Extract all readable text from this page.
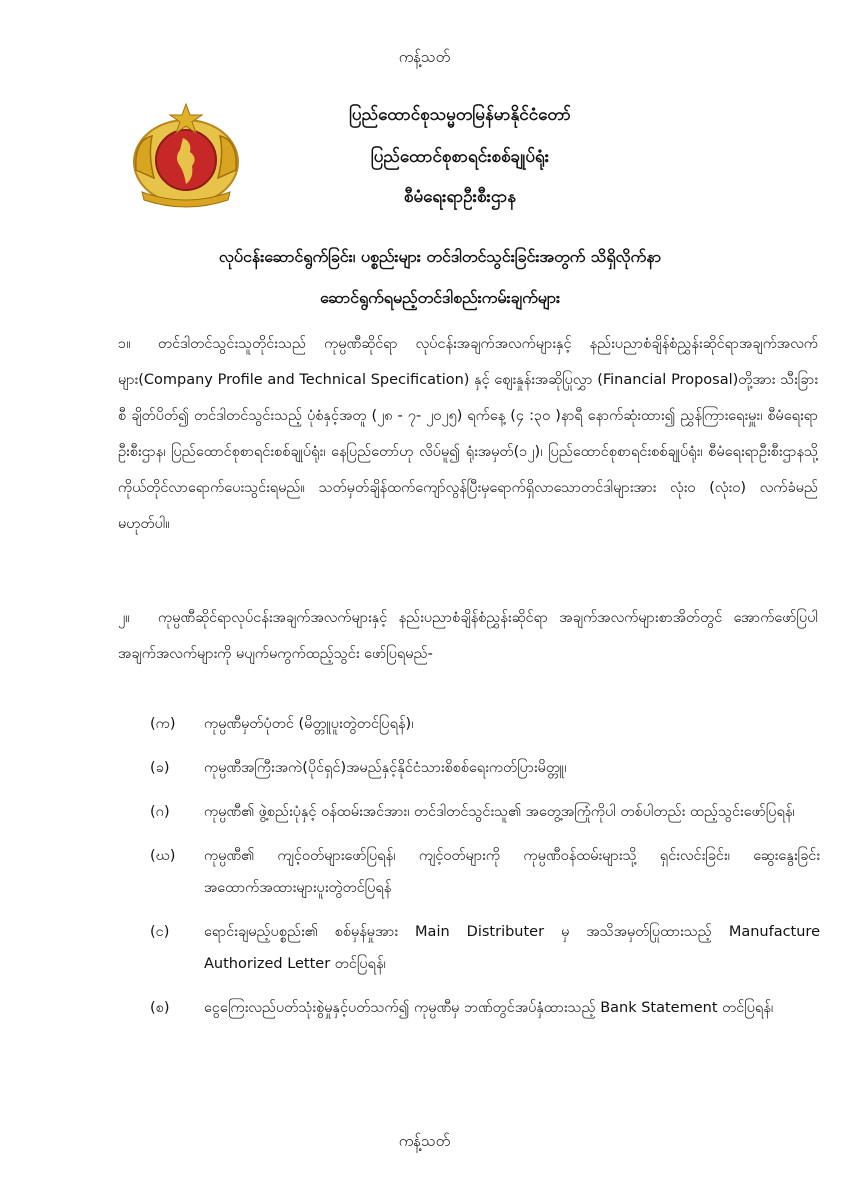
ကန့်သတ်
ပြည်ထောင်စုသမ္မတမြန်မာနိုင်ငံတော်
ပြည်ထောင်စုစာရင်းစစ်ချုပ်ရုံး
စီမံရေးရာဦးစီးဌာန
လုပ်ငန်းဆောင်ရွက်ခြင်း၊ ပစ္စည်းများ တင်ဒါတင်သွင်းခြင်းအတွက် သိရှိလိုက်နာ
ဆောင်ရွက်ရမည့်တင်ဒါစည်းကမ်းချက်များ
၁။ တင်ဒါတင်သွင်းသူတိုင်းသည် ကုမ္ပဏီဆိုင်ရာ လုပ်ငန်းအချက်အလက်များနှင့် နည်းပညာစံချိန်စံညွှန်းဆိုင်ရာအချက်အလက်များ(Company Profile and Technical Specification) နှင့် ဈေးနှုန်းအဆိုပြုလွှာ (Financial Proposal)တို့အား သီးခြားစီ ချိတ်ပိတ်၍ တင်ဒါတင်သွင်းသည့် ပုံစံနှင့်အတူ (၂၈ - ၇- ၂၀၂၅) ရက်နေ့ (၄ :၃၀ )နာရီ နောက်ဆုံးထား၍ ညွှန်ကြားရေးမှူး၊ စီမံရေးရာဦးစီးဌာန၊ ပြည်ထောင်စုစာရင်းစစ်ချုပ်ရုံး၊ နေပြည်တော်ဟု လိပ်မူ၍ ရုံးအမှတ်(၁၂)၊ ပြည်ထောင်စုစာရင်းစစ်ချုပ်ရုံး၊ စီမံရေးရာဦးစီးဌာနသို့ကိုယ်တိုင်လာရောက်ပေးသွင်းရမည်။ သတ်မှတ်ချိန်ထက်ကျော်လွန်ပြီးမှရောက်ရှိလာသောတင်ဒါများအား လုံးဝ (လုံးဝ) လက်ခံမည်မဟုတ်ပါ။
၂။ ကုမ္ပဏီဆိုင်ရာလုပ်ငန်းအချက်အလက်များနှင့် နည်းပညာစံချိန်စံညွှန်းဆိုင်ရာ အချက်အလက်များစာအိတ်တွင် အောက်ဖော်ပြပါ အချက်အလက်များကို မပျက်မကွက်ထည့်သွင်း ဖော်ပြရမည်-
(က)	ကုမ္ပဏီမှတ်ပုံတင် (မိတ္တူပူးတွဲတင်ပြရန်)၊
(ခ)	ကုမ္ပဏီအကြီးအကဲ(ပိုင်ရှင်)အမည်နှင့်နိုင်ငံသားစိစစ်ရေးကတ်ပြားမိတ္တူ၊
(ဂ)	ကုမ္ပဏီ၏ ဖွဲ့စည်းပုံနှင့် ဝန်ထမ်းအင်အား၊ တင်ဒါတင်သွင်းသူ၏ အတွေ့အကြုံကိုပါ တစ်ပါတည်း ထည့်သွင်းဖော်ပြရန်၊
(ဃ)	ကုမ္ပဏီ၏ ကျင့်ဝတ်များဖော်ပြရန်၊ ကျင့်ဝတ်များကို ကုမ္ပဏီဝန်ထမ်းများသို့ ရှင်းလင်းခြင်း၊ ဆွေးနွေးခြင်း အထောက်အထားများပူးတွဲတင်ပြရန်
(င)	ရောင်းချမည့်ပစ္စည်း၏ စစ်မှန်မှုအား Main Distributer မှ အသိအမှတ်ပြုထားသည့် Manufacture Authorized Letter တင်ပြရန်၊
(စ)	ငွေကြေးလည်ပတ်သုံးစွဲမှုနှင့်ပတ်သက်၍ ကုမ္ပဏီမှ ဘဏ်တွင်အပ်နှံထားသည့် Bank Statement တင်ပြရန်၊
ကန့်သတ်
